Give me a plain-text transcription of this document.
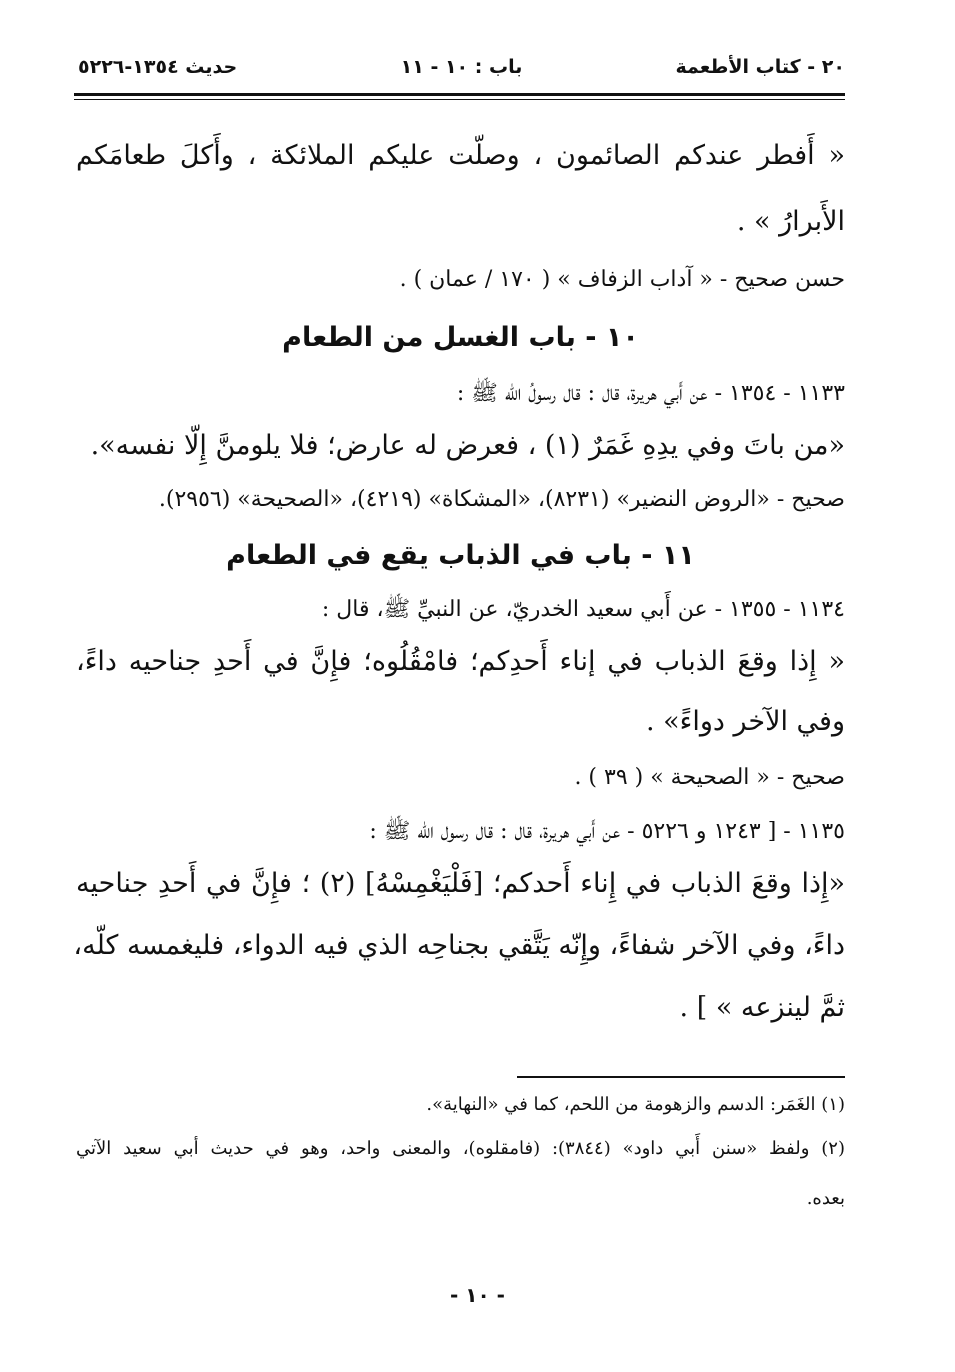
٢٠ - كتاب الأطعمة
باب : ١٠ - ١١
حديث ١٣٥٤-٥٢٢٦
« أَفطر عندكم الصائمون ، وصلّت عليكم الملائكة ، وأَكلَ طعامَكم
الأَبرارُ » .
حسن صحيح - « آداب الزفاف » ( ١٧٠ / عمان ) .
١٠ - باب الغسل من الطعام
١١٣٣ - ١٣٥٤ - عن أَبي هريرة، قال : قال رسولُ الله ﷺ :
«من باتَ وفي يدِهِ غَمَرٌ (١) ، فعرض له عارض؛ فلا يلومنَّ إِلّا نفسه».
صحيح - «الروض النضير» (٨٢٣١)، «المشكاة» (٤٢١٩)، «الصحيحة» (٢٩٥٦).
١١ - باب في الذباب يقع في الطعام
١١٣٤ - ١٣٥٥ - عن أَبي سعيد الخدريّ، عن النبيِّ ﷺ، قال :
« إِذا وقعَ الذباب في إناء أَحدِكم؛ فامْقُلُوه؛ فإِنَّ في أَحدِ جناحيه داءً،
وفي الآخر دواءً» .
صحيح - « الصحيحة » ( ٣٩ ) .
١١٣٥ - [ ١٢٤٣ و ٥٢٢٦ - عن أَبي هريرة، قال : قال رسول الله ﷺ :
«إِذا وقعَ الذباب في إِناء أَحدكم؛ [فَلْيَغْمِسْهُ] (٢) ؛ فإِنَّ في أَحدِ جناحيه
داءً، وفي الآخر شفاءً، وإِنّه يَتَّقي بجناحِه الذي فيه الدواء، فليغمسه كلّه،
ثمَّ لينزعه » ] .
(١) الغَمَر: الدسم والزهومة من اللحم، كما في «النهاية».
(٢) ولفظ «سنن أَبي داود» (٣٨٤٤): (فامقلوه)، والمعنى واحد، وهو في حديث أبي سعيد الآتي
بعده.
- ١٠ -
